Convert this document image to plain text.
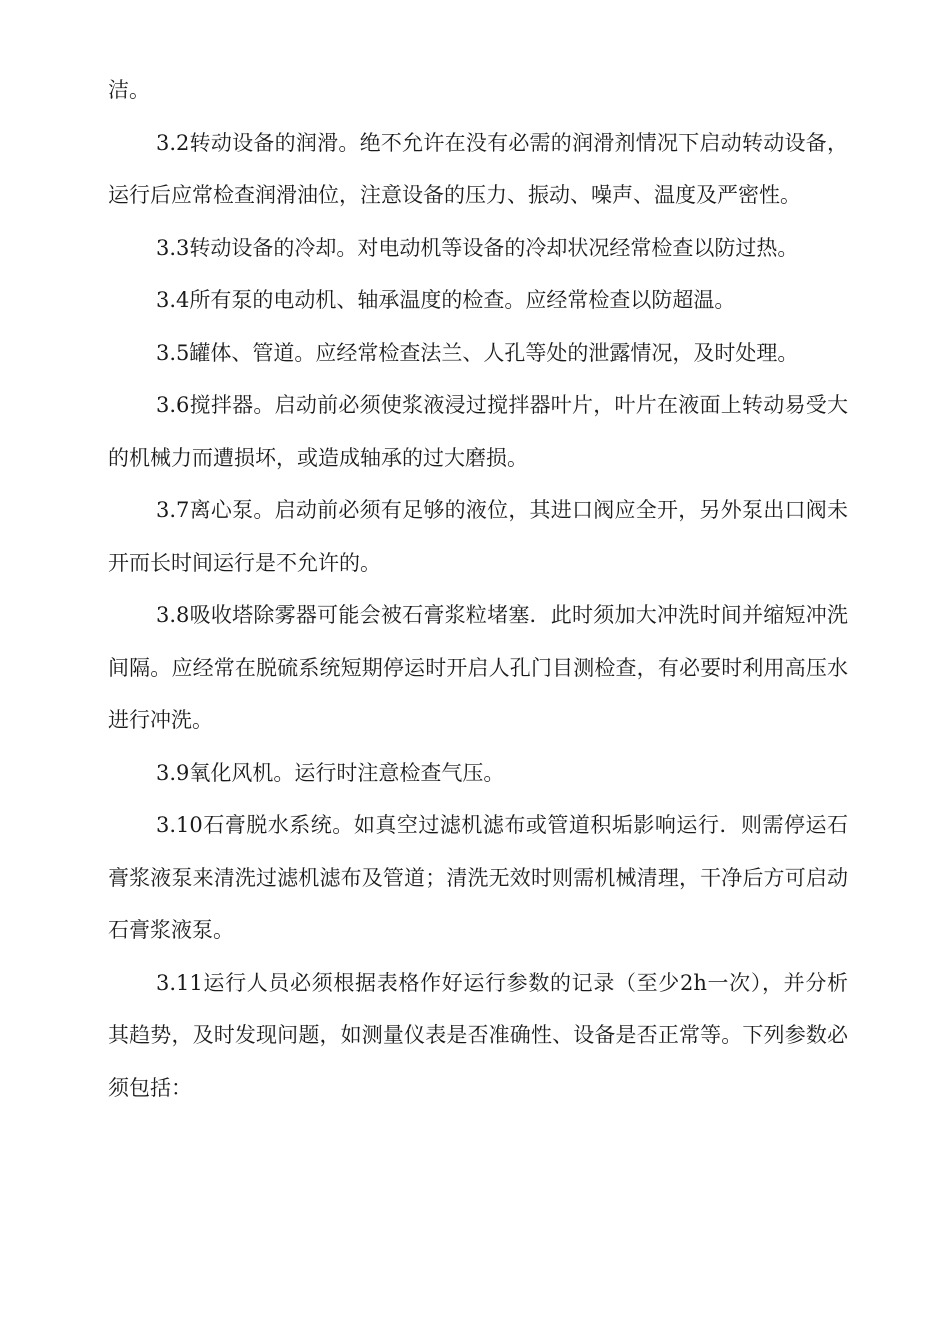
洁。

3.2转动设备的润滑。绝不允许在没有必需的润滑剂情况下启动转动设备，运行后应常检查润滑油位，注意设备的压力、振动、噪声、温度及严密性。

3.3转动设备的冷却。对电动机等设备的冷却状况经常检查以防过热。

3.4所有泵的电动机、轴承温度的检查。应经常检查以防超温。

3.5罐体、管道。应经常检查法兰、人孔等处的泄露情况，及时处理。

3.6搅拌器。启动前必须使浆液浸过搅拌器叶片，叶片在液面上转动易受大的机械力而遭损坏，或造成轴承的过大磨损。

3.7离心泵。启动前必须有足够的液位，其进口阀应全开，另外泵出口阀未开而长时间运行是不允许的。

3.8吸收塔除雾器可能会被石膏浆粒堵塞．此时须加大冲洗时间并缩短冲洗间隔。应经常在脱硫系统短期停运时开启人孔门目测检查，有必要时利用高压水进行冲洗。

3.9氧化风机。运行时注意检查气压。

3.10石膏脱水系统。如真空过滤机滤布或管道积垢影响运行．则需停运石膏浆液泵来清洗过滤机滤布及管道；清洗无效时则需机械清理，干净后方可启动石膏浆液泵。

3.11运行人员必须根据表格作好运行参数的记录（至少2h一次），并分析其趋势，及时发现问题，如测量仪表是否准确性、设备是否正常等。下列参数必须包括：
